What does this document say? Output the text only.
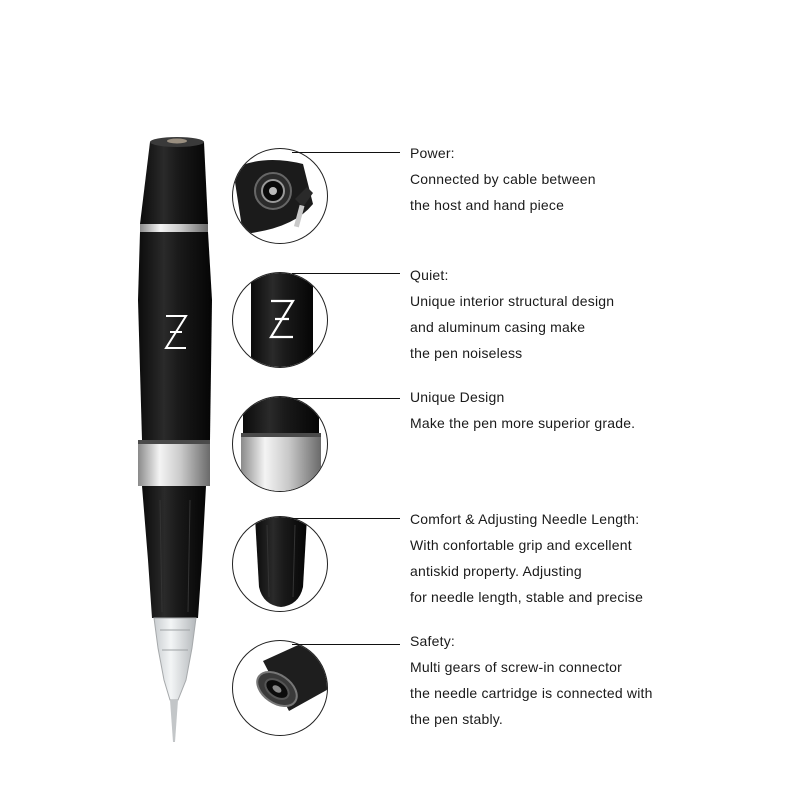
Power:
Connected by cable between
the host and hand piece
Quiet:
Unique interior structural design
and aluminum casing make
the pen noiseless
Unique Design
Make the pen more superior grade.
Comfort & Adjusting Needle Length:
With confortable grip and excellent
antiskid property. Adjusting
for needle length, stable and precise
Safety:
Multi gears of screw-in connector
the needle cartridge is connected with
the pen stably.
